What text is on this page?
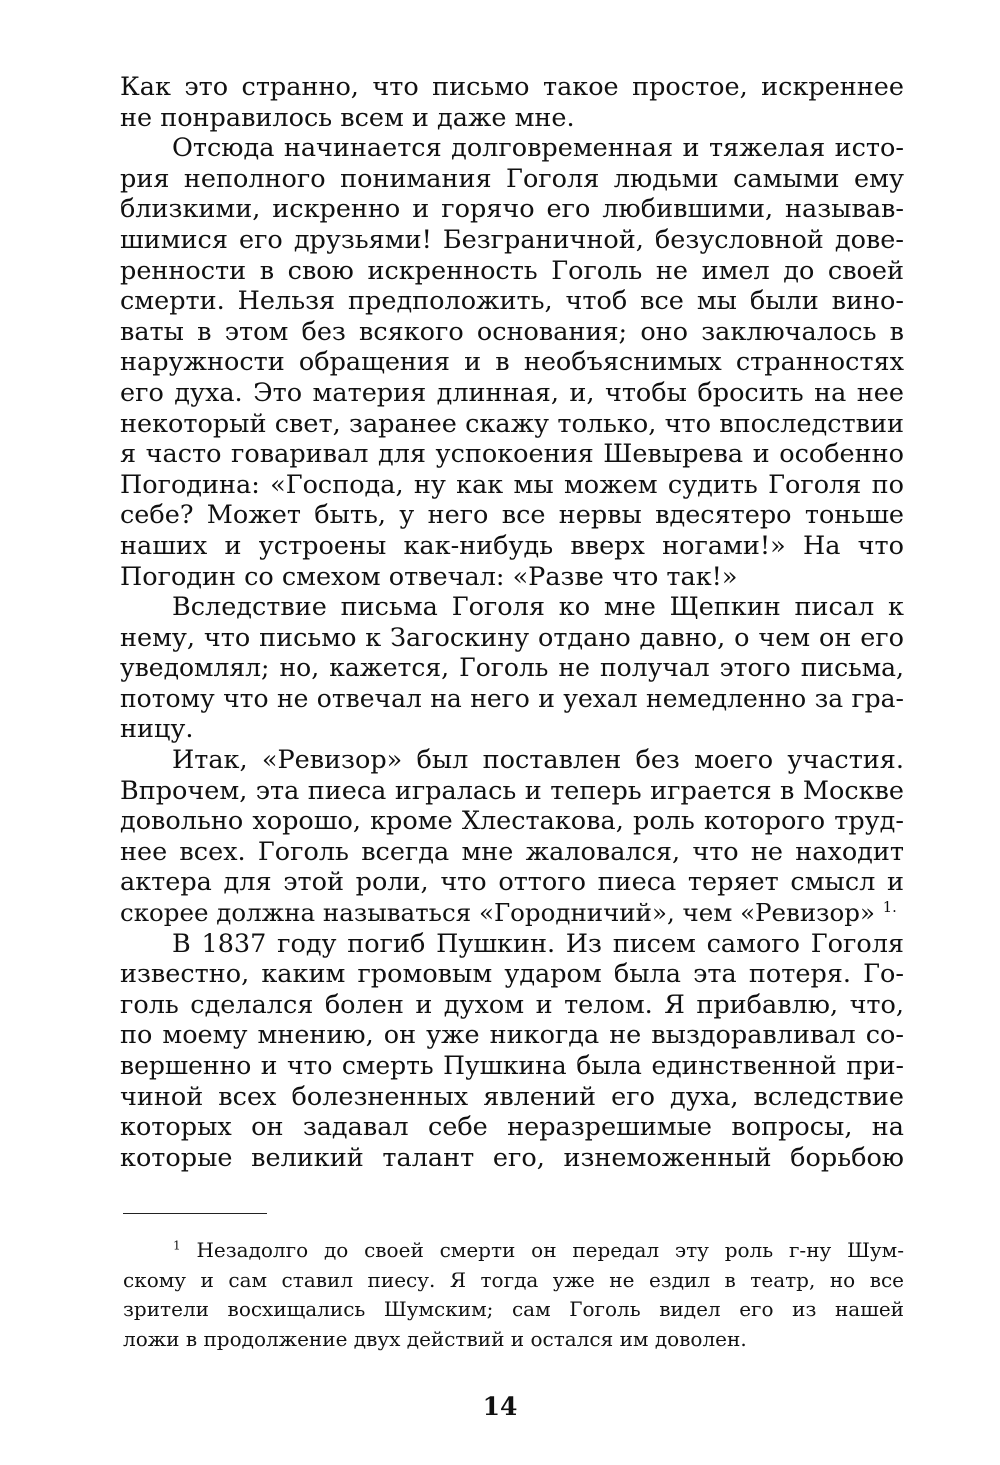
Как это странно, что письмо такое простое, искреннее
не понравилось всем и даже мне.
Отсюда начинается долговременная и тяжелая исто-
рия неполного понимания Гоголя людьми самыми ему
близкими, искренно и горячо его любившими, называв-
шимися его друзьями! Безграничной, безусловной дове-
ренности в свою искренность Гоголь не имел до своей
смерти. Нельзя предположить, чтоб все мы были вино-
ваты в этом без всякого основания; оно заключалось в
наружности обращения и в необъяснимых странностях
его духа. Это материя длинная, и, чтобы бросить на нее
некоторый свет, заранее скажу только, что впоследствии
я часто говаривал для успокоения Шевырева и особенно
Погодина: «Господа, ну как мы можем судить Гоголя по
себе? Может быть, у него все нервы вдесятеро тоньше
наших и устроены как-нибудь вверх ногами!» На что
Погодин со смехом отвечал: «Разве что так!»
Вследствие письма Гоголя ко мне Щепкин писал к
нему, что письмо к Загоскину отдано давно, о чем он его
уведомлял; но, кажется, Гоголь не получал этого письма,
потому что не отвечал на него и уехал немедленно за гра-
ницу.
Итак, «Ревизор» был поставлен без моего участия.
Впрочем, эта пиеса игралась и теперь играется в Москве
довольно хорошо, кроме Хлестакова, роль которого труд-
нее всех. Гоголь всегда мне жаловался, что не находит
актера для этой роли, что оттого пиеса теряет смысл и
скорее должна называться «Городничий», чем «Ревизор» $^{1.}$
В 1837 году погиб Пушкин. Из писем самого Гоголя
известно, каким громовым ударом была эта потеря. Го-
голь сделался болен и духом и телом. Я прибавлю, что,
по моему мнению, он уже никогда не выздоравливал со-
вершенно и что смерть Пушкина была единственной при-
чиной всех болезненных явлений его духа, вследствие
которых он задавал себе неразрешимые вопросы, на
которые великий талант его, изнеможенный борьбою
$^1$ Незадолго до своей смерти он передал эту роль г-ну Шум-
скому и сам ставил пиесу. Я тогда уже не ездил в театр, но все
зрители восхищались Шумским; сам Гоголь видел его из нашей
ложи в продолжение двух действий и остался им доволен.
14
